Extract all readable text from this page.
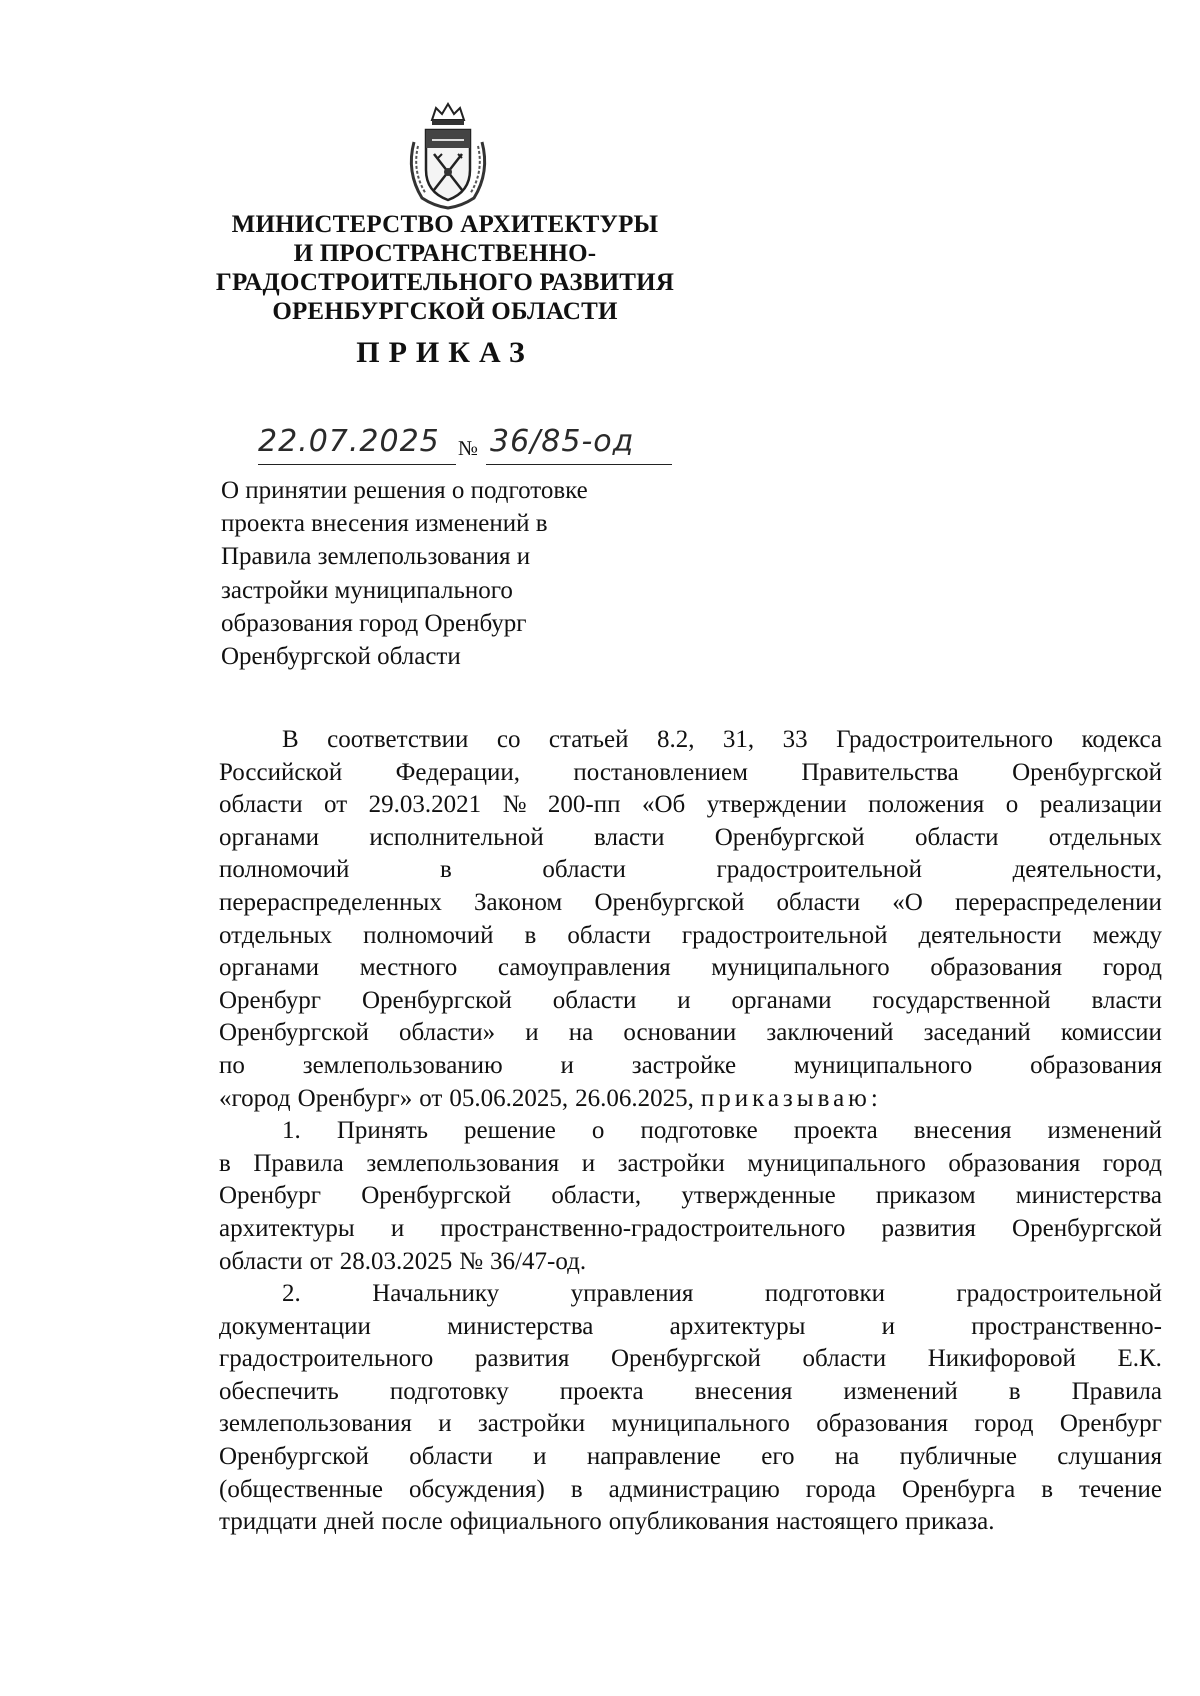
МИНИСТЕРСТВО АРХИТЕКТУРЫ
И ПРОСТРАНСТВЕННО-
ГРАДОСТРОИТЕЛЬНОГО РАЗВИТИЯ
ОРЕНБУРГСКОЙ ОБЛАСТИ
ПРИКАЗ
22.07.2025 № 36/85-од
О принятии решения о подготовке
проекта внесения изменений в
Правила землепользования и
застройки муниципального
образования город Оренбург
Оренбургской области
В соответствии со статьей 8.2, 31, 33 Градостроительного кодекса
Российской Федерации, постановлением Правительства Оренбургской
области от 29.03.2021 № 200-пп «Об утверждении положения о реализации
органами исполнительной власти Оренбургской области отдельных
полномочий	в	области	градостроительной	деятельности,
перераспределенных Законом Оренбургской области «О перераспределении
отдельных полномочий в области градостроительной деятельности между
органами местного самоуправления муниципального образования город
Оренбург Оренбургской области и органами государственной власти
Оренбургской области» и на основании заключений заседаний комиссии
по землепользованию и застройке муниципального образования
«город Оренбург» от 05.06.2025, 26.06.2025, приказываю:
1. Принять решение о подготовке проекта внесения изменений
в Правила землепользования и застройки муниципального образования город
Оренбург Оренбургской области, утвержденные приказом министерства
архитектуры и пространственно-градостроительного развития Оренбургской
области от 28.03.2025 № 36/47-од.
2.	Начальнику	управления	подготовки	градостроительной
документации	министерства	архитектуры	и	пространственно-
градостроительного развития Оренбургской области Никифоровой Е.К.
обеспечить подготовку проекта внесения изменений в Правила
землепользования и застройки муниципального образования город Оренбург
Оренбургской области и направление его на публичные слушания
(общественные обсуждения) в администрацию города Оренбурга в течение
тридцати дней после официального опубликования настоящего приказа.
